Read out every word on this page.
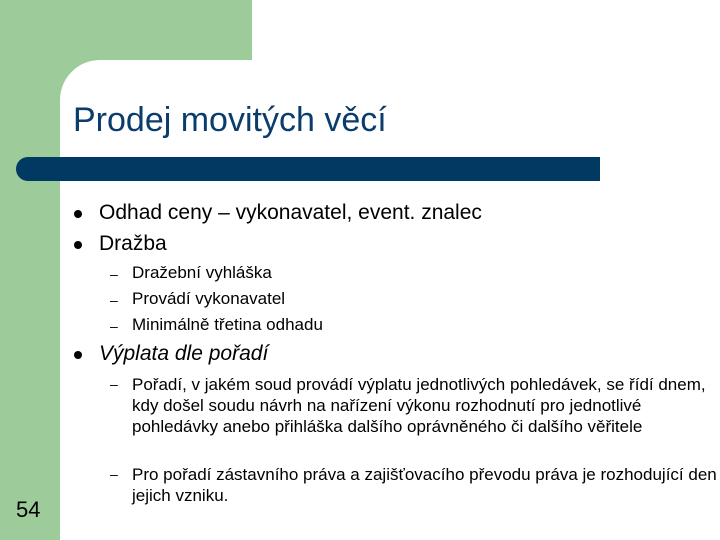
Prodej movitých věcí
Odhad ceny – vykonavatel, event. znalec
Dražba
– Dražební vyhláška
– Provádí vykonavatel
– Minimálně třetina odhadu
Výplata dle pořadí
– Pořadí, v jakém soud provádí výplatu jednotlivých pohledávek, se řídí dnem, kdy došel soudu návrh na nařízení výkonu rozhodnutí pro jednotlivé pohledávky anebo přihláška dalšího oprávněného či dalšího věřitele
– Pro pořadí zástavního práva a zajišťovacího převodu práva je rozhodující den jejich vzniku.
54
